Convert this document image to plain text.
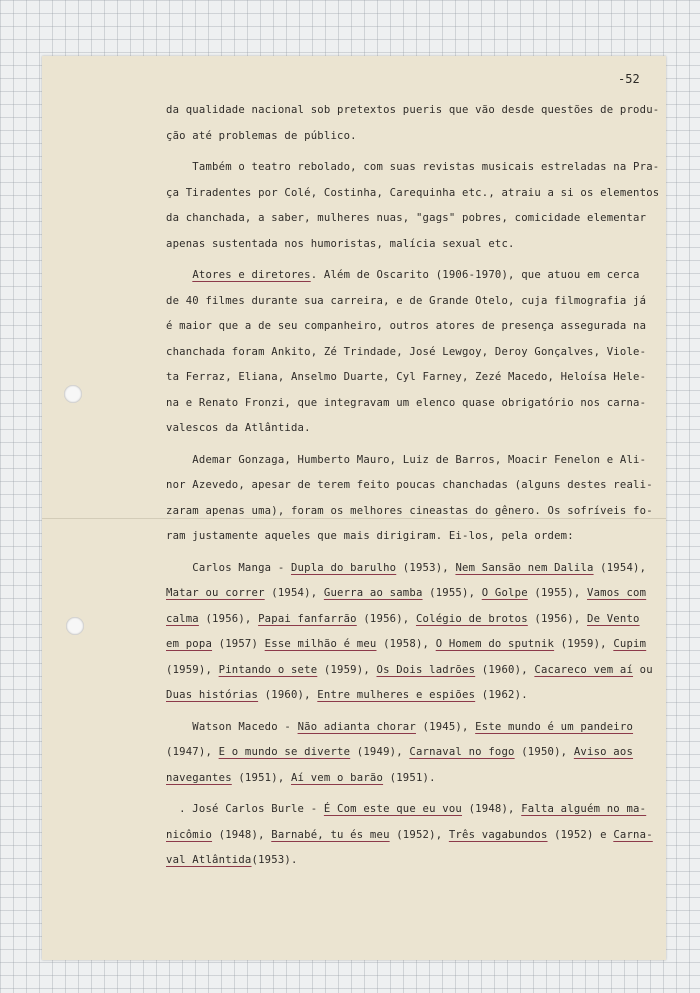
-52
da qualidade nacional sob pretextos pueris que vão desde questões de produ-
ção até problemas de público.
Também o teatro rebolado, com suas revistas musicais estreladas na Pra-
ça Tiradentes por Colé, Costinha, Carequinha etc., atraiu a si os elementos
da chanchada, a saber, mulheres nuas, "gags" pobres, comicidade elementar
apenas sustentada nos humoristas, malícia sexual etc.
Atores e diretores. Além de Oscarito (1906-1970), que atuou em cerca
de 40 filmes durante sua carreira, e de Grande Otelo, cuja filmografia já
é maior que a de seu companheiro, outros atores de presença assegurada na
chanchada foram Ankito, Zé Trindade, José Lewgoy, Deroy Gonçalves, Viole-
ta Ferraz, Eliana, Anselmo Duarte, Cyl Farney, Zezé Macedo, Heloísa Hele-
na e Renato Fronzi, que integravam um elenco quase obrigatório nos carna-
valescos da Atlântida.
Ademar Gonzaga, Humberto Mauro, Luiz de Barros, Moacir Fenelon e Ali-
nor Azevedo, apesar de terem feito poucas chanchadas (alguns destes reali-
zaram apenas uma), foram os melhores cineastas do gênero. Os sofríveis fo-
ram justamente aqueles que mais dirigiram. Ei-los, pela ordem:
Carlos Manga - Dupla do barulho (1953), Nem Sansão nem Dalila (1954),
Matar ou correr (1954), Guerra ao samba (1955), O Golpe (1955), Vamos com
calma (1956), Papai fanfarrão (1956), Colégio de brotos (1956), De Vento
em popa (1957) Esse milhão é meu (1958), O Homem do sputnik (1959), Cupim
(1959), Pintando o sete (1959), Os Dois ladrões (1960), Cacareco vem aí ou
Duas histórias (1960), Entre mulheres e espiões (1962).
Watson Macedo - Não adianta chorar (1945), Este mundo é um pandeiro
(1947), E o mundo se diverte (1949), Carnaval no fogo (1950), Aviso aos
navegantes (1951), Aí vem o barão (1951).
. José Carlos Burle - É Com este que eu vou (1948), Falta alguém no ma-
nicômio (1948), Barnabé, tu és meu (1952), Três vagabundos (1952) e Carna-
val Atlântida(1953).
